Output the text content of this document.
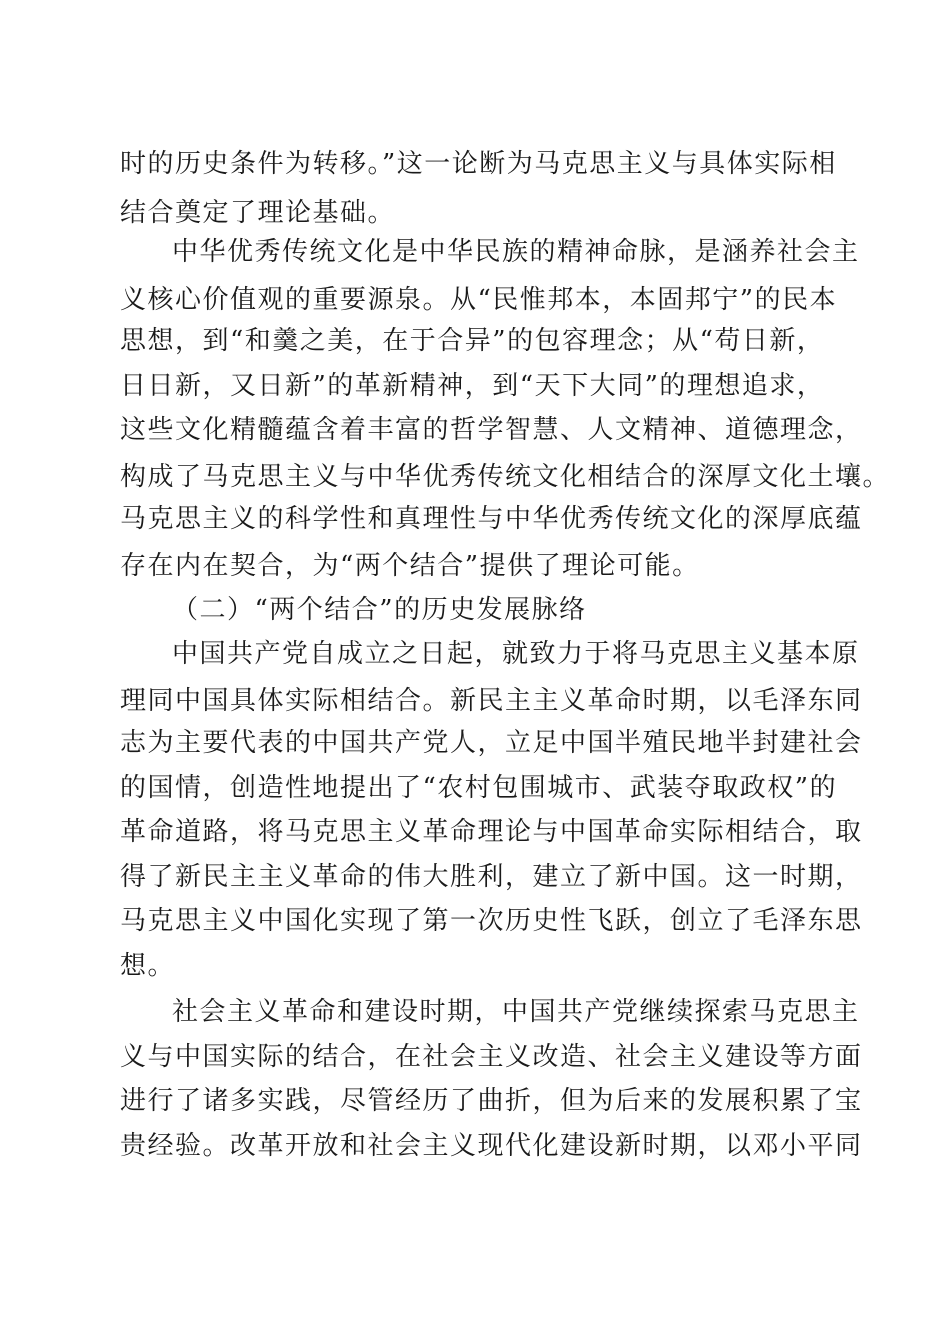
时的历史条件为转移。”这一论断为马克思主义与具体实际相
结合奠定了理论基础。
中华优秀传统文化是中华民族的精神命脉，是涵养社会主
义核心价值观的重要源泉。从“民惟邦本，本固邦宁”的民本
思想，到“和羹之美，在于合异”的包容理念；从“苟日新，
日日新，又日新”的革新精神，到“天下大同”的理想追求，
这些文化精髓蕴含着丰富的哲学智慧、人文精神、道德理念，
构成了马克思主义与中华优秀传统文化相结合的深厚文化土壤。
马克思主义的科学性和真理性与中华优秀传统文化的深厚底蕴
存在内在契合，为“两个结合”提供了理论可能。
（二）“两个结合”的历史发展脉络
中国共产党自成立之日起，就致力于将马克思主义基本原
理同中国具体实际相结合。新民主主义革命时期，以毛泽东同
志为主要代表的中国共产党人，立足中国半殖民地半封建社会
的国情，创造性地提出了“农村包围城市、武装夺取政权”的
革命道路，将马克思主义革命理论与中国革命实际相结合，取
得了新民主主义革命的伟大胜利，建立了新中国。这一时期，
马克思主义中国化实现了第一次历史性飞跃，创立了毛泽东思
想。
社会主义革命和建设时期，中国共产党继续探索马克思主
义与中国实际的结合，在社会主义改造、社会主义建设等方面
进行了诸多实践，尽管经历了曲折，但为后来的发展积累了宝
贵经验。改革开放和社会主义现代化建设新时期，以邓小平同
